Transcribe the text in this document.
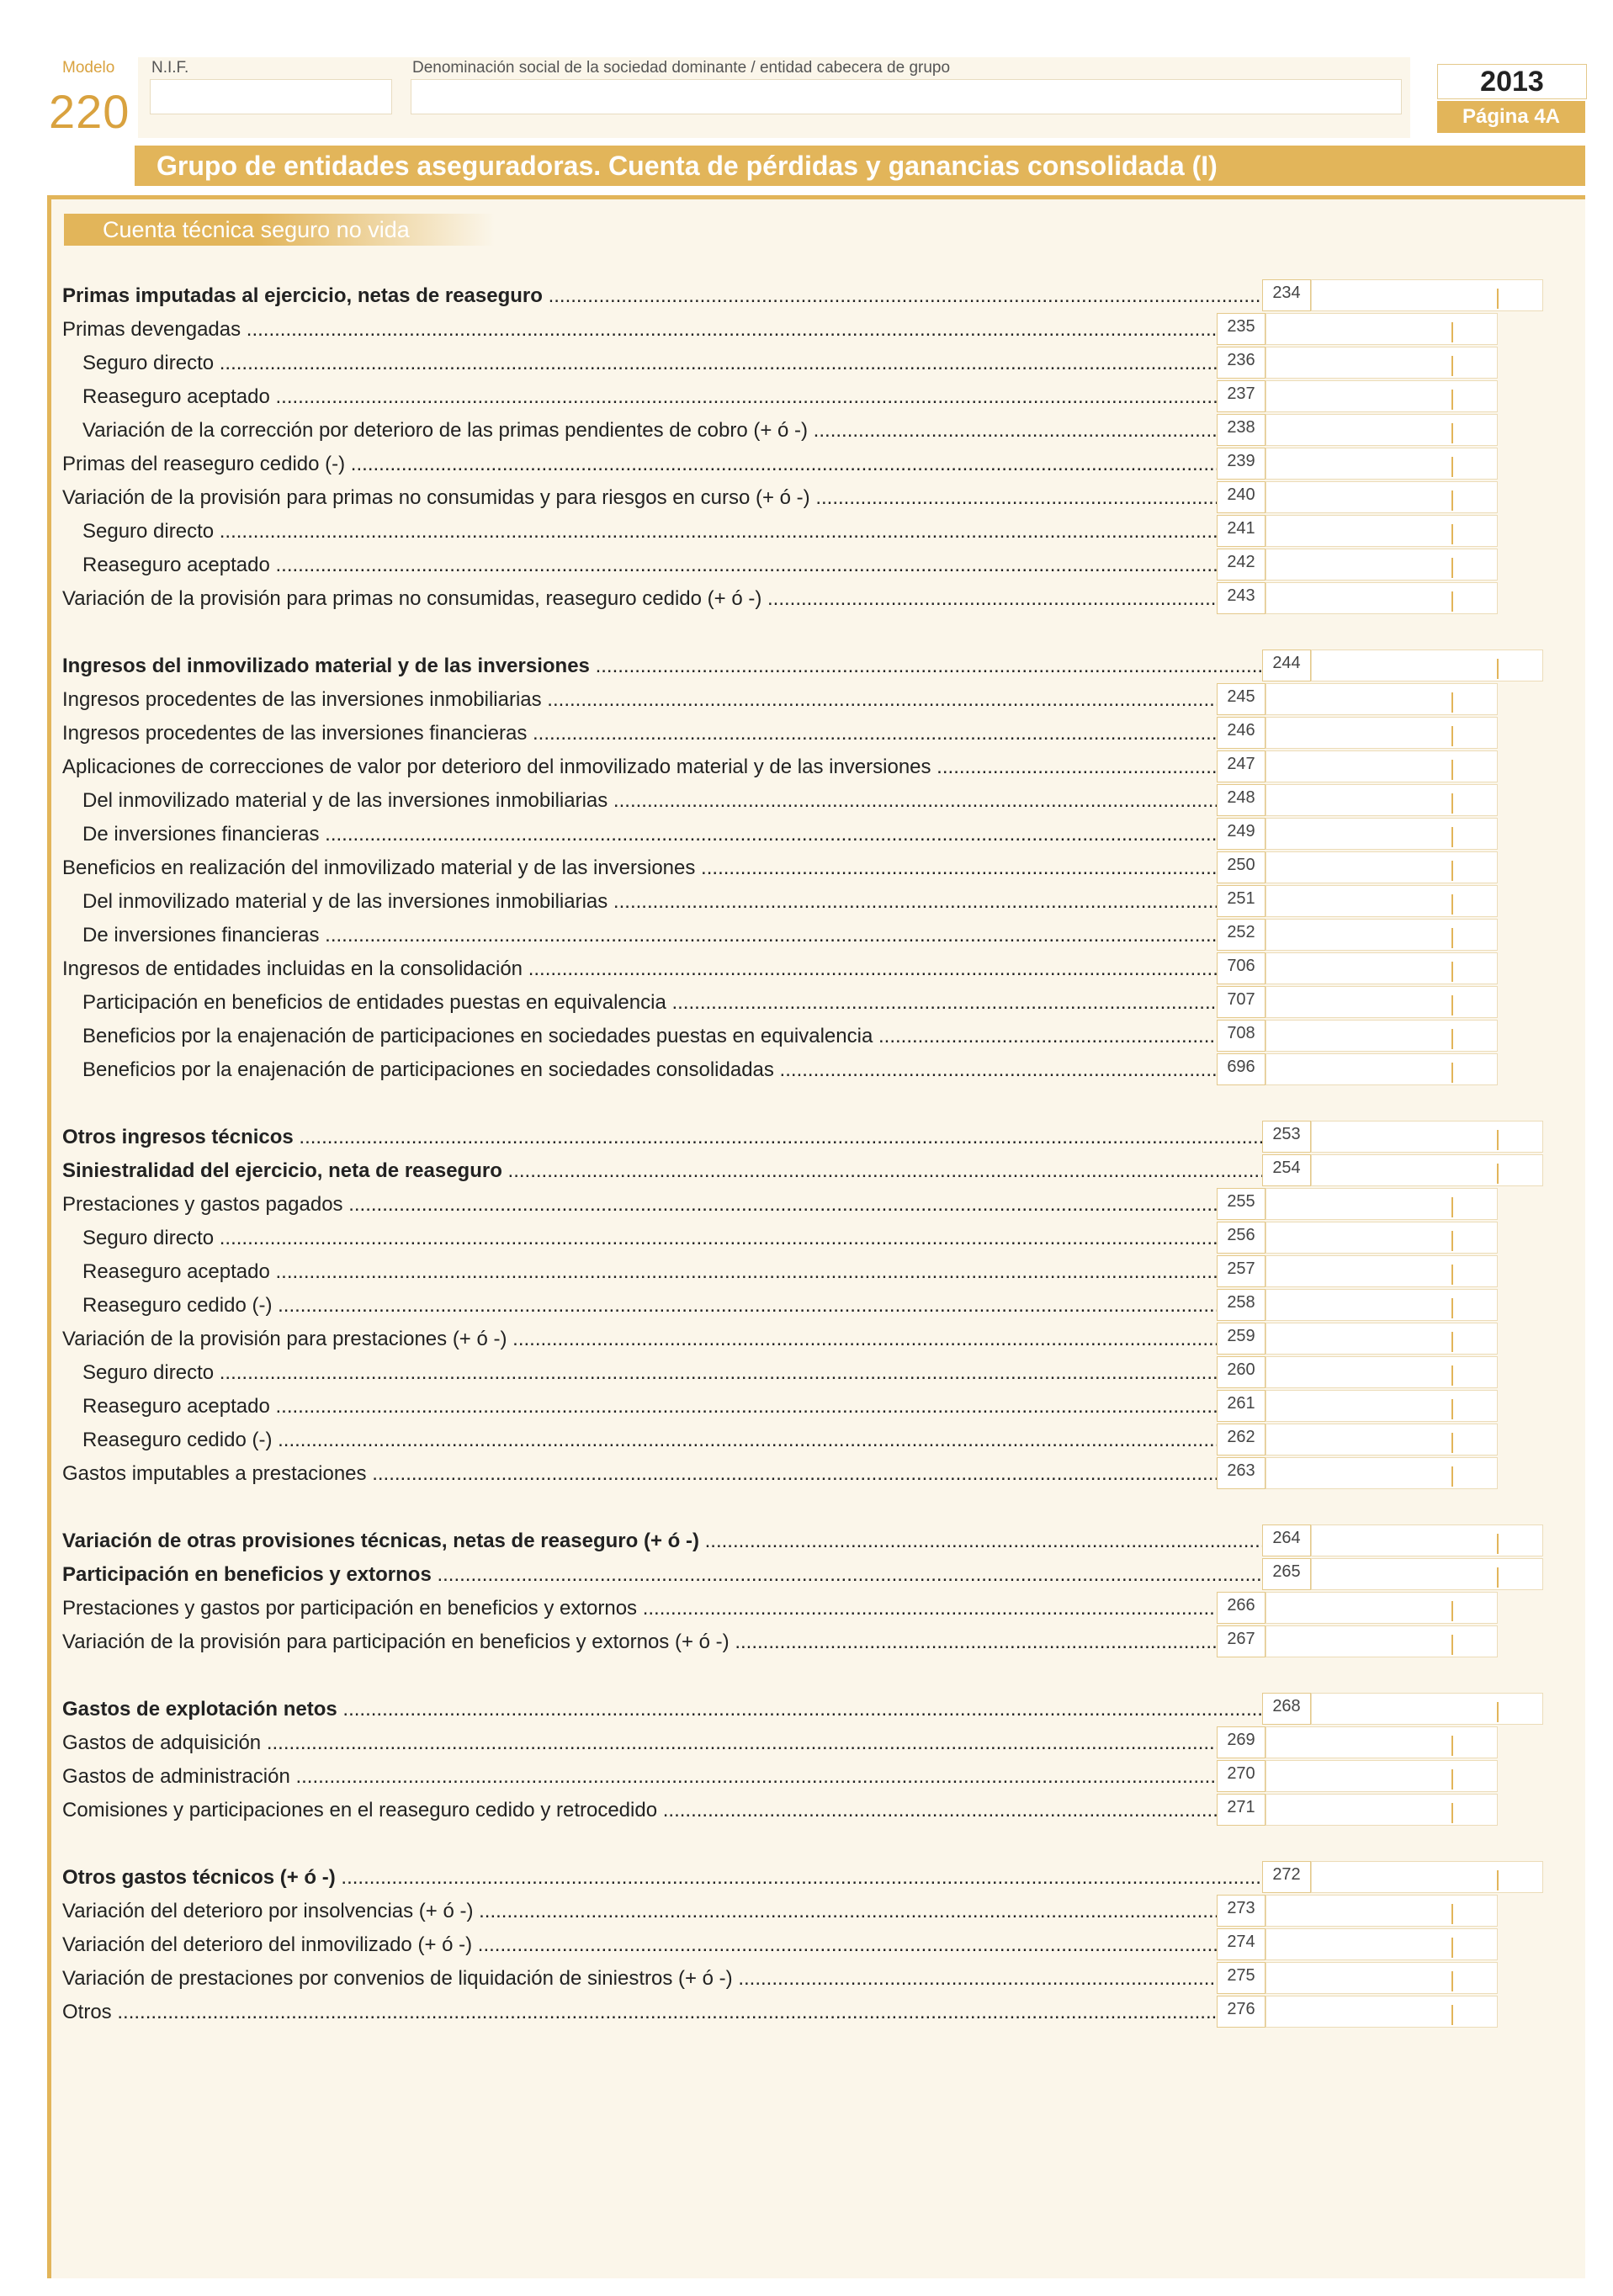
Modelo
220
N.I.F.	Denominación social de la sociedad dominante / entidad cabecera de grupo	2013
Página 4A
Grupo de entidades aseguradoras. Cuenta de pérdidas y ganancias consolidada (I)
Cuenta técnica seguro no vida
Primas imputadas al ejercicio, netas de reaseguro .....	234
Primas devengadas .....	235
Seguro directo .....	236
Reaseguro aceptado .....	237
Variación de la corrección por deterioro de las primas pendientes de cobro (+ ó -) .....	238
Primas del reaseguro cedido (-) .....	239
Variación de la provisión para primas no consumidas y para riesgos en curso (+ ó -) .....	240
Seguro directo .....	241
Reaseguro aceptado .....	242
Variación de la provisión para primas no consumidas, reaseguro cedido (+ ó -) .....	243
Ingresos del inmovilizado material y de las inversiones .....	244
Ingresos procedentes de las inversiones inmobiliarias .....	245
Ingresos procedentes de las inversiones financieras .....	246
Aplicaciones de correcciones de valor por deterioro del inmovilizado material y de las inversiones .....	247
Del inmovilizado material y de las inversiones inmobiliarias .....	248
De inversiones financieras .....	249
Beneficios en realización del inmovilizado material y de las inversiones .....	250
Del inmovilizado material y de las inversiones inmobiliarias .....	251
De inversiones financieras .....	252
Ingresos de entidades incluidas en la consolidación .....	706
Participación en beneficios de entidades puestas en equivalencia .....	707
Beneficios por la enajenación de participaciones en sociedades puestas en equivalencia .....	708
Beneficios por la enajenación de participaciones en sociedades consolidadas .....	696
Otros ingresos técnicos .....	253
Siniestralidad del ejercicio, neta de reaseguro .....	254
Prestaciones y gastos pagados .....	255
Seguro directo .....	256
Reaseguro aceptado .....	257
Reaseguro cedido (-) .....	258
Variación de la provisión para prestaciones (+ ó -) .....	259
Seguro directo .....	260
Reaseguro aceptado .....	261
Reaseguro cedido (-) .....	262
Gastos imputables a prestaciones .....	263
Variación de otras provisiones técnicas, netas de reaseguro (+ ó -) .....	264
Participación en beneficios y extornos .....	265
Prestaciones y gastos por participación en beneficios y extornos .....	266
Variación de la provisión para participación en beneficios y extornos (+ ó -) .....	267
Gastos de explotación netos .....	268
Gastos de adquisición .....	269
Gastos de administración .....	270
Comisiones y participaciones en el reaseguro cedido y retrocedido .....	271
Otros gastos técnicos (+ ó -) .....	272
Variación del deterioro por insolvencias (+ ó -) .....	273
Variación del deterioro del inmovilizado (+ ó -) .....	274
Variación de prestaciones por convenios de liquidación de siniestros (+ ó -) .....	275
Otros .....	276
